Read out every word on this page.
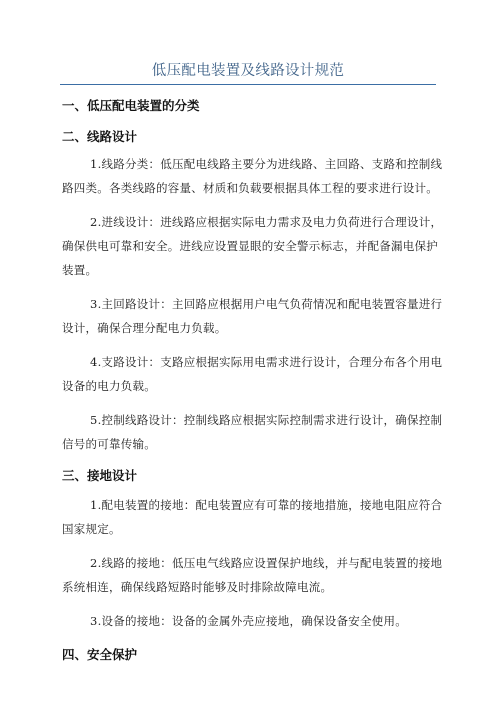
低压配电装置及线路设计规范
一、低压配电装置的分类
二、线路设计
1.线路分类：低压配电线路主要分为进线路、主回路、支路和控制线
路四类。各类线路的容量、材质和负载要根据具体工程的要求进行设计。
2.进线设计：进线路应根据实际电力需求及电力负荷进行合理设计，
确保供电可靠和安全。进线应设置显眼的安全警示标志，并配备漏电保护
装置。
3.主回路设计：主回路应根据用户电气负荷情况和配电装置容量进行
设计，确保合理分配电力负载。
4.支路设计：支路应根据实际用电需求进行设计，合理分布各个用电
设备的电力负载。
5.控制线路设计：控制线路应根据实际控制需求进行设计，确保控制
信号的可靠传输。
三、接地设计
1.配电装置的接地：配电装置应有可靠的接地措施，接地电阻应符合
国家规定。
2.线路的接地：低压电气线路应设置保护地线，并与配电装置的接地
系统相连，确保线路短路时能够及时排除故障电流。
3.设备的接地：设备的金属外壳应接地，确保设备安全使用。
四、安全保护
